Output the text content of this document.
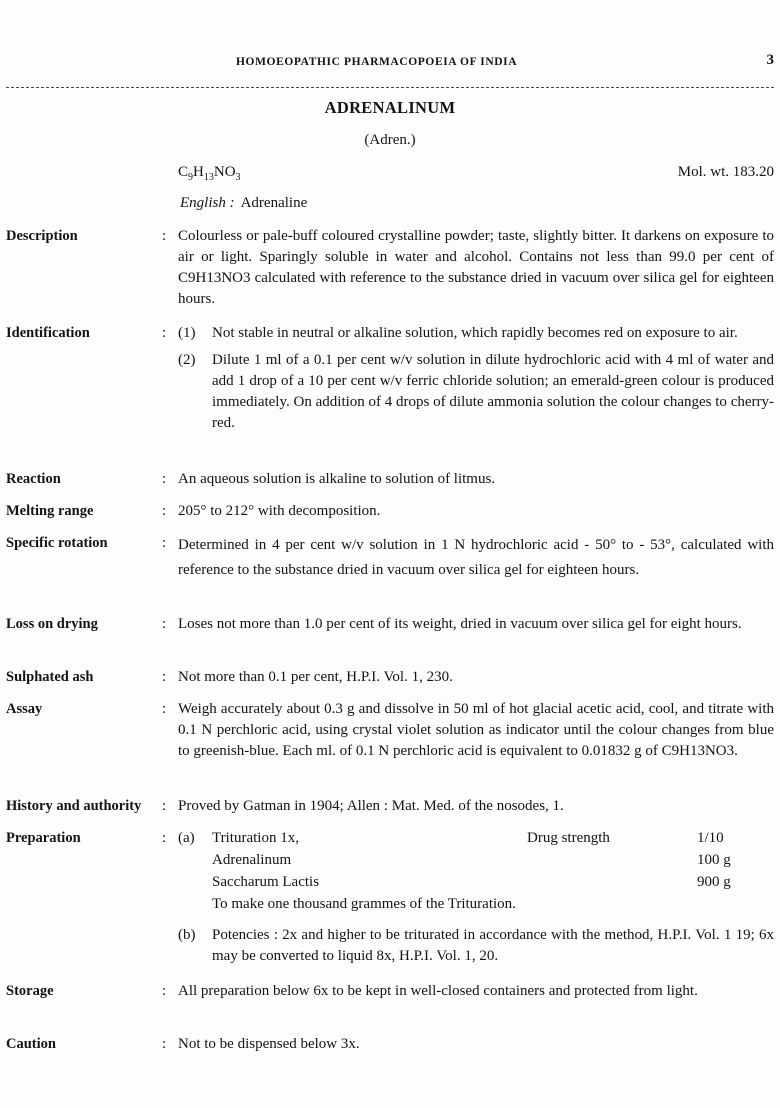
HOMOEOPATHIC PHARMACOPOEIA OF INDIA	3
ADRENALINUM
(Adren.)
$C_9H_{13}NO_3$	Mol. wt. 183.20
English : Adrenaline
Description	: Colourless or pale-buff coloured crystalline powder; taste, slightly bitter. It darkens on exposure to air or light. Sparingly soluble in water and alcohol. Contains not less than 99.0 per cent of C9H13NO3 calculated with reference to the substance dried in vacuum over silica gel for eighteen hours.
Identification	: (1) Not stable in neutral or alkaline solution, which rapidly becomes red on exposure to air.
(2) Dilute 1 ml of a 0.1 per cent w/v solution in dilute hydrochloric acid with 4 ml of water and add 1 drop of a 10 per cent w/v ferric chloride solution; an emerald-green colour is produced immediately. On addition of 4 drops of dilute ammonia solution the colour changes to cherry-red.
Reaction	: An aqueous solution is alkaline to solution of litmus.
Melting range	: 205° to 212° with decomposition.
Specific rotation	: Determined in 4 per cent w/v solution in 1 N hydrochloric acid - 50° to - 53°, calculated with reference to the substance dried in vacuum over silica gel for eighteen hours.
Loss on drying	: Loses not more than 1.0 per cent of its weight, dried in vacuum over silica gel for eight hours.
Sulphated ash	: Not more than 0.1 per cent, H.P.I. Vol. 1, 230.
Assay	: Weigh accurately about 0.3 g and dissolve in 50 ml of hot glacial acetic acid, cool, and titrate with 0.1 N perchloric acid, using crystal violet solution as indicator until the colour changes from blue to greenish-blue. Each ml. of 0.1 N perchloric acid is equivalent to 0.01832 g of C9H13NO3.
History and authority : Proved by Gatman in 1904; Allen : Mat. Med. of the nosodes, 1.
Preparation	: (a) Trituration 1x,	Drug strength	1/10
Adrenalinum	100 g
Saccharum Lactis	900 g
To make one thousand grammes of the Trituration.
(b) Potencies : 2x and higher to be triturated in accordance with the method, H.P.I. Vol. 1 19; 6x may be converted to liquid 8x, H.P.I. Vol. 1, 20.
Storage	: All preparation below 6x to be kept in well-closed containers and protected from light.
Caution	: Not to be dispensed below 3x.
